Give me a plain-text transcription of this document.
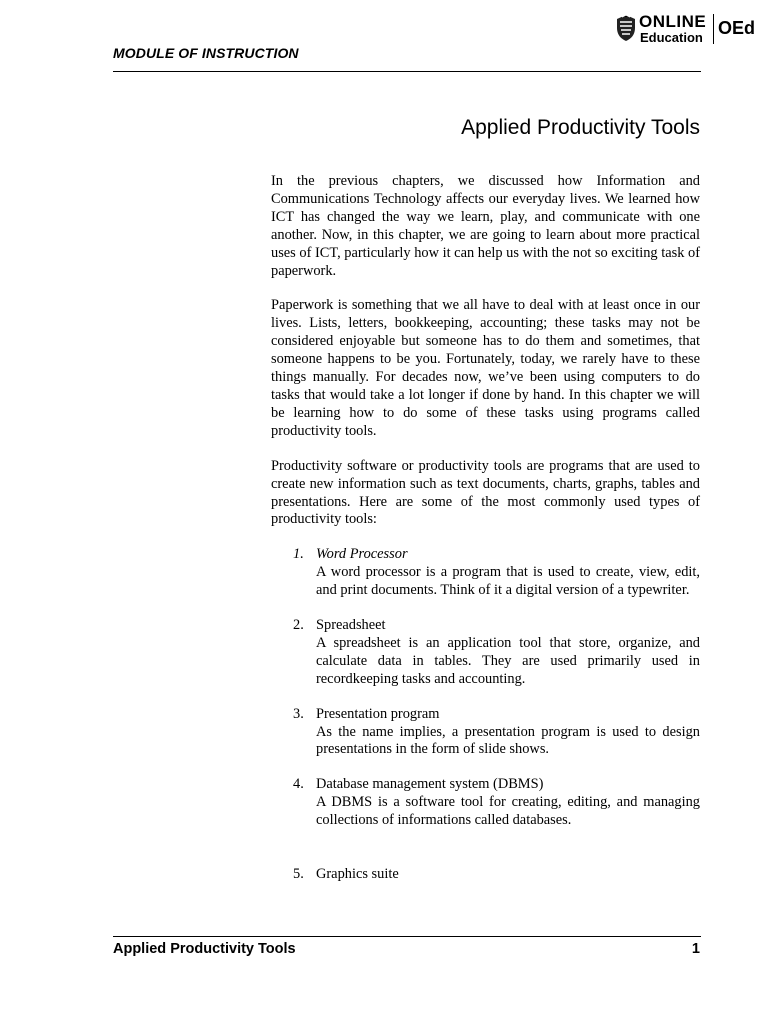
MODULE OF INSTRUCTION
ONLINE
Education OEd
Applied Productivity Tools

In the previous chapters, we discussed how Information and Communications Technology affects our everyday lives. We learned how ICT has changed the way we learn, play, and communicate with one another. Now, in this chapter, we are going to learn about more practical uses of ICT, particularly how it can help us with the not so exciting task of paperwork.

Paperwork is something that we all have to deal with at least once in our lives. Lists, letters, bookkeeping, accounting; these tasks may not be considered enjoyable but someone has to do them and sometimes, that someone happens to be you. Fortunately, today, we rarely have to these things manually. For decades now, we’ve been using computers to do tasks that would take a lot longer if done by hand. In this chapter we will be learning how to do some of these tasks using programs called productivity tools.

Productivity software or productivity tools are programs that are used to create new information such as text documents, charts, graphs, tables and presentations. Here are some of the most commonly used types of productivity tools:

1. Word Processor
A word processor is a program that is used to create, view, edit, and print documents. Think of it a digital version of a typewriter.
2. Spreadsheet
A spreadsheet is an application tool that store, organize, and calculate data in tables. They are used primarily used in recordkeeping tasks and accounting.
3. Presentation program
As the name implies, a presentation program is used to design presentations in the form of slide shows.
4. Database management system (DBMS)
A DBMS is a software tool for creating, editing, and managing collections of informations called databases.
5. Graphics suite
Applied Productivity Tools	1
